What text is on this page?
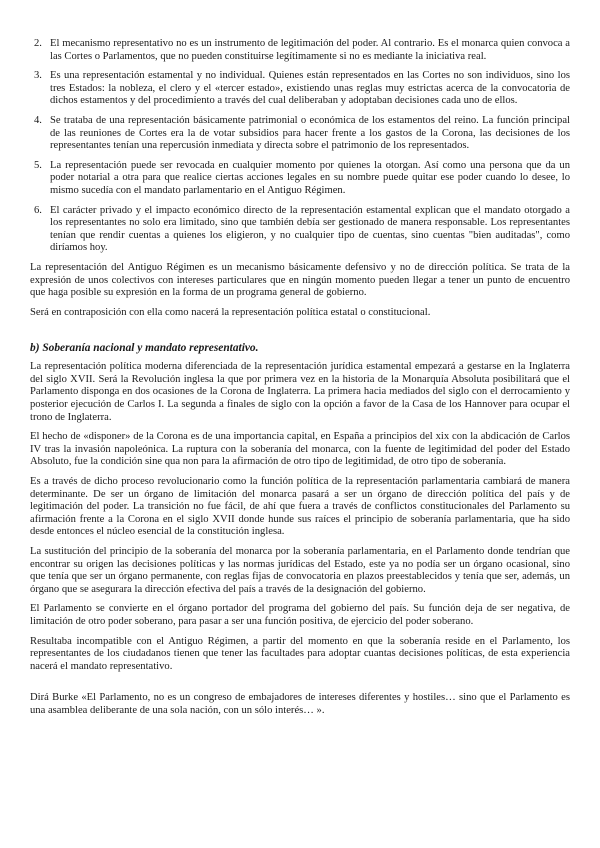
2. El mecanismo representativo no es un instrumento de legitimación del poder. Al contrario. Es el monarca quien convoca a las Cortes o Parlamentos, que no pueden constituirse legítimamente si no es mediante la iniciativa real.

3. Es una representación estamental y no individual. Quienes están representados en las Cortes no son individuos, sino los tres Estados: la nobleza, el clero y el «tercer estado», existiendo unas reglas muy estrictas acerca de la convocatoria de dichos estamentos y del procedimiento a través del cual deliberaban y adoptaban decisiones cada uno de ellos.

4. Se trataba de una representación básicamente patrimonial o económica de los estamentos del reino. La función principal de las reuniones de Cortes era la de votar subsidios para hacer frente a los gastos de la Corona, las decisiones de los representantes tenían una repercusión inmediata y directa sobre el patrimonio de los representados.

5. La representación puede ser revocada en cualquier momento por quienes la otorgan. Así como una persona que da un poder notarial a otra para que realice ciertas acciones legales en su nombre puede quitar ese poder cuando lo desee, lo mismo sucedía con el mandato parlamentario en el Antiguo Régimen.

6. El carácter privado y el impacto económico directo de la representación estamental explican que el mandato otorgado a los representantes no solo era limitado, sino que también debía ser gestionado de manera responsable. Los representantes tenían que rendir cuentas a quienes los eligieron, y no cualquier tipo de cuentas, sino cuentas "bien auditadas", como diríamos hoy.

La representación del Antiguo Régimen es un mecanismo básicamente defensivo y no de dirección política. Se trata de la expresión de unos colectivos con intereses particulares que en ningún momento pueden llegar a tener un punto de encuentro que haga posible su expresión en la forma de un programa general de gobierno.

Será en contraposición con ella como nacerá la representación política estatal o constitucional.

b) Soberanía nacional y mandato representativo.

La representación política moderna diferenciada de la representación jurídica estamental empezará a gestarse en la Inglaterra del siglo XVII. Será la Revolución inglesa la que por primera vez en la historia de la Monarquía Absoluta posibilitará que el Parlamento disponga en dos ocasiones de la Corona de Inglaterra. La primera hacia mediados del siglo con el derrocamiento y posterior ejecución de Carlos I. La segunda a finales de siglo con la opción a favor de la Casa de los Hannover para ocupar el trono de Inglaterra.

El hecho de «disponer» de la Corona es de una importancia capital, en España a principios del xix con la abdicación de Carlos IV tras la invasión napoleónica. La ruptura con la soberanía del monarca, con la fuente de legitimidad del poder del Estado Absoluto, fue la condición sine qua non para la afirmación de otro tipo de legitimidad, de otro tipo de soberanía.

Es a través de dicho proceso revolucionario como la función política de la representación parlamentaria cambiará de manera determinante. De ser un órgano de limitación del monarca pasará a ser un órgano de dirección política del país y de legitimación del poder. La transición no fue fácil, de ahí que fuera a través de conflictos constitucionales del Parlamento su afirmación frente a la Corona en el siglo XVII donde hunde sus raíces el principio de soberanía parlamentaria, que ha sido desde entonces el núcleo esencial de la constitución inglesa.

La sustitución del principio de la soberanía del monarca por la soberanía parlamentaria, en el Parlamento donde tendrían que encontrar su origen las decisiones políticas y las normas jurídicas del Estado, este ya no podía ser un órgano ocasional, sino que tenía que ser un órgano permanente, con reglas fijas de convocatoria en plazos preestablecidos y tenía que ser, además, un órgano que se asegurara la dirección efectiva del país a través de la designación del gobierno.

El Parlamento se convierte en el órgano portador del programa del gobierno del país. Su función deja de ser negativa, de limitación de otro poder soberano, para pasar a ser una función positiva, de ejercicio del poder soberano.

Resultaba incompatible con el Antiguo Régimen, a partir del momento en que la soberanía reside en el Parlamento, los representantes de los ciudadanos tienen que tener las facultades para adoptar cuantas decisiones políticas, de esta experiencia nacerá el mandato representativo.

Dirá Burke «El Parlamento, no es un congreso de embajadores de intereses diferentes y hostiles… sino que el Parlamento es una asamblea deliberante de una sola nación, con un sólo interés… ».
